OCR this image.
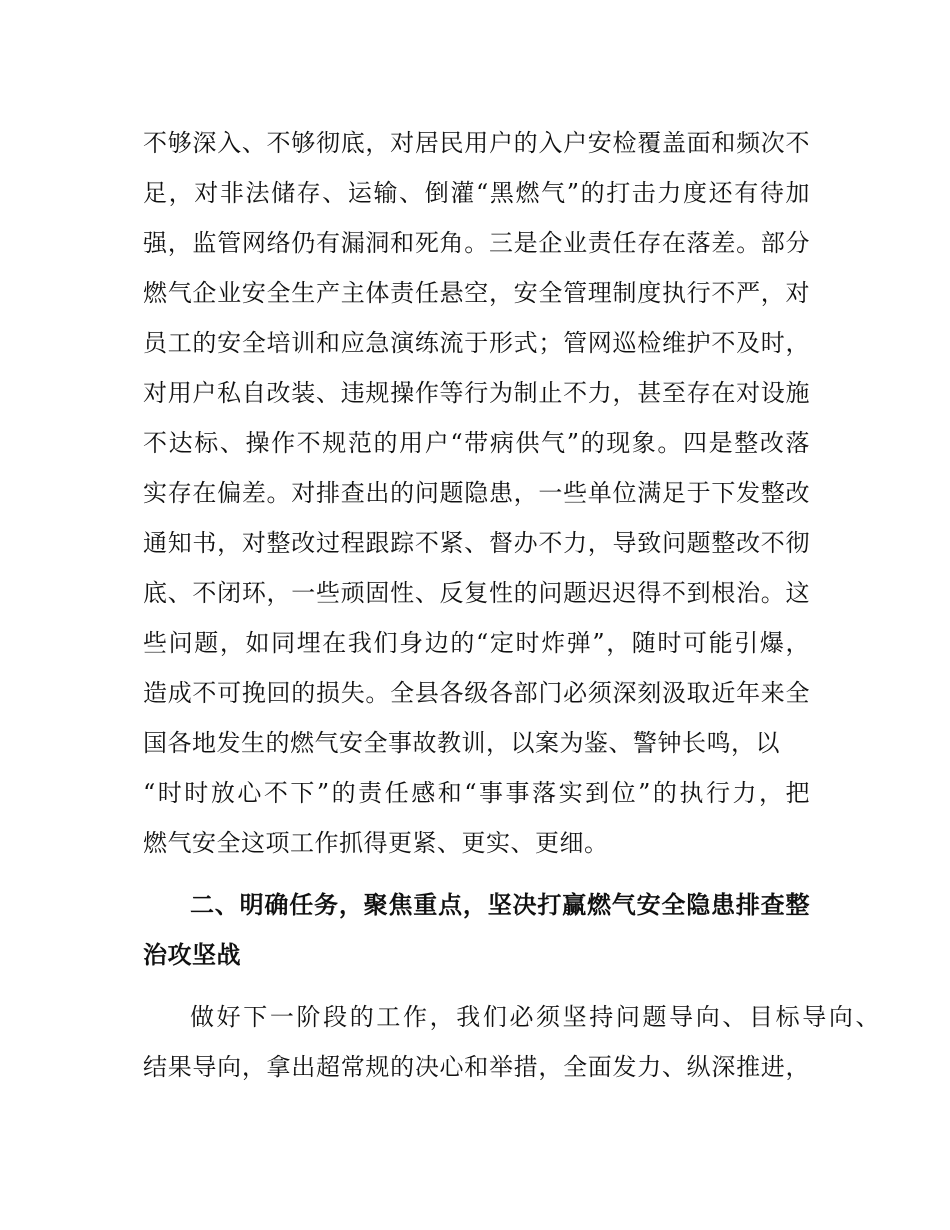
不够深入、不够彻底，对居民用户的入户安检覆盖面和频次不
足，对非法储存、运输、倒灌“黑燃气”的打击力度还有待加
强，监管网络仍有漏洞和死角。三是企业责任存在落差。部分
燃气企业安全生产主体责任悬空，安全管理制度执行不严，对
员工的安全培训和应急演练流于形式；管网巡检维护不及时，
对用户私自改装、违规操作等行为制止不力，甚至存在对设施
不达标、操作不规范的用户“带病供气”的现象。四是整改落
实存在偏差。对排查出的问题隐患，一些单位满足于下发整改
通知书，对整改过程跟踪不紧、督办不力，导致问题整改不彻
底、不闭环，一些顽固性、反复性的问题迟迟得不到根治。这
些问题，如同埋在我们身边的“定时炸弹”，随时可能引爆，
造成不可挽回的损失。全县各级各部门必须深刻汲取近年来全
国各地发生的燃气安全事故教训，以案为鉴、警钟长鸣，以
“时时放心不下”的责任感和“事事落实到位”的执行力，把
燃气安全这项工作抓得更紧、更实、更细。
二、明确任务，聚焦重点，坚决打赢燃气安全隐患排查整
治攻坚战
做好下一阶段的工作，我们必须坚持问题导向、目标导向、
结果导向，拿出超常规的决心和举措，全面发力、纵深推进，
